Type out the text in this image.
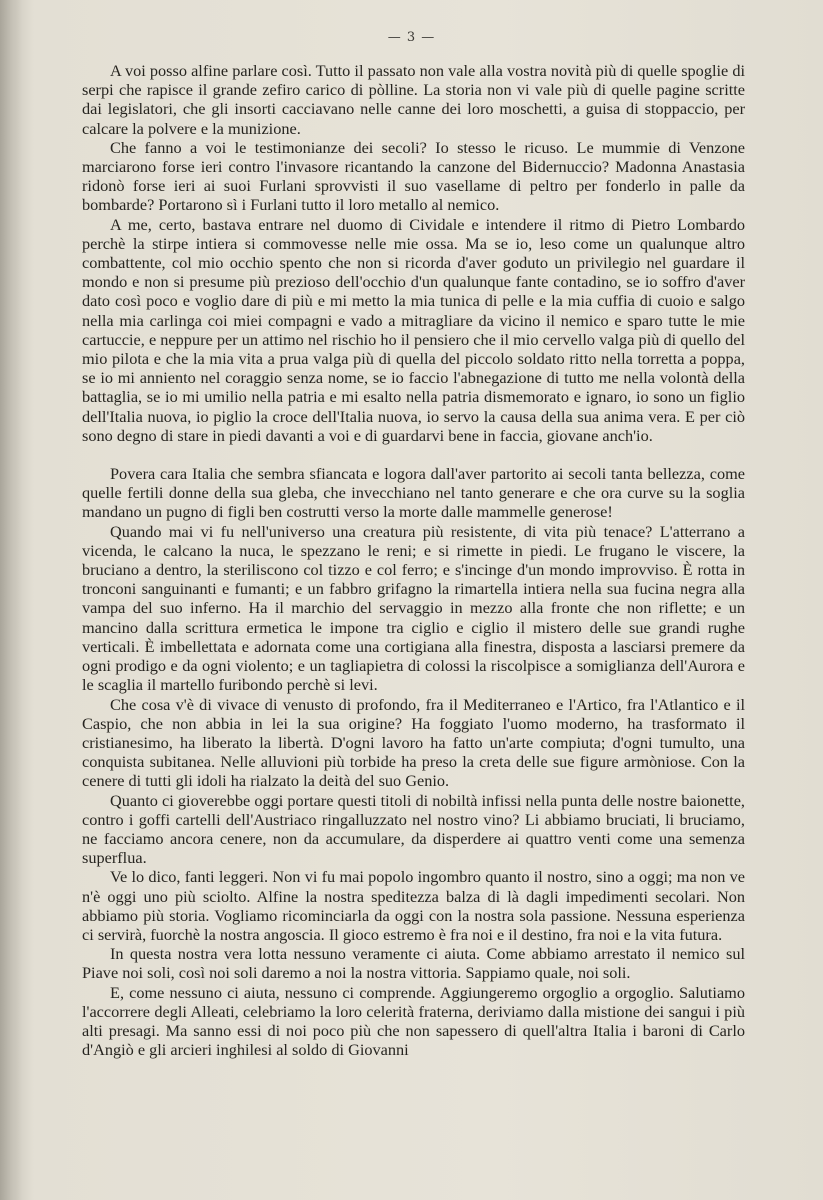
— 3 —

A voi posso alfine parlare così. Tutto il passato non vale alla vostra novità più di quelle spoglie di serpi che rapisce il grande zefiro carico di pòlline. La storia non vi vale più di quelle pagine scritte dai legislatori, che gli insorti cacciavano nelle canne dei loro moschetti, a guisa di stoppaccio, per calcare la polvere e la munizione.

Che fanno a voi le testimonianze dei secoli? Io stesso le ricuso. Le mummie di Venzone marciarono forse ieri contro l'invasore ricantando la canzone del Bidernuccio? Madonna Anastasia ridonò forse ieri ai suoi Furlani sprovvisti il suo vasellame di peltro per fonderlo in palle da bombarde? Portarono sì i Furlani tutto il loro metallo al nemico.

A me, certo, bastava entrare nel duomo di Cividale e intendere il ritmo di Pietro Lombardo perchè la stirpe intiera si commovesse nelle mie ossa. Ma se io, leso come un qualunque altro combattente, col mio occhio spento che non si ricorda d'aver goduto un privilegio nel guardare il mondo e non si presume più prezioso dell'occhio d'un qualunque fante contadino, se io soffro d'aver dato così poco e voglio dare di più e mi metto la mia tunica di pelle e la mia cuffia di cuoio e salgo nella mia carlinga coi miei compagni e vado a mitragliare da vicino il nemico e sparo tutte le mie cartuccie, e neppure per un attimo nel rischio ho il pensiero che il mio cervello valga più di quello del mio pilota e che la mia vita a prua valga più di quella del piccolo soldato ritto nella torretta a poppa, se io mi anniento nel coraggio senza nome, se io faccio l'abnegazione di tutto me nella volontà della battaglia, se io mi umilio nella patria e mi esalto nella patria dismemorato e ignaro, io sono un figlio dell'Italia nuova, io piglio la croce dell'Italia nuova, io servo la causa della sua anima vera. E per ciò sono degno di stare in piedi davanti a voi e di guardarvi bene in faccia, giovane anch'io.

Povera cara Italia che sembra sfiancata e logora dall'aver partorito ai secoli tanta bellezza, come quelle fertili donne della sua gleba, che invecchiano nel tanto generare e che ora curve su la soglia mandano un pugno di figli ben costrutti verso la morte dalle mammelle generose!

Quando mai vi fu nell'universo una creatura più resistente, di vita più tenace? L'atterrano a vicenda, le calcano la nuca, le spezzano le reni; e si rimette in piedi. Le frugano le viscere, la bruciano a dentro, la steriliscono col tizzo e col ferro; e s'incinge d'un mondo improvviso. È rotta in tronconi sanguinanti e fumanti; e un fabbro grifagno la rimartella intiera nella sua fucina negra alla vampa del suo inferno. Ha il marchio del servaggio in mezzo alla fronte che non riflette; e un mancino dalla scrittura ermetica le impone tra ciglio e ciglio il mistero delle sue grandi rughe verticali. È imbellettata e adornata come una cortigiana alla finestra, disposta a lasciarsi premere da ogni prodigo e da ogni violento; e un tagliapietra di colossi la riscolpisce a somiglianza dell'Aurora e le scaglia il martello furibondo perchè si levi.

Che cosa v'è di vivace di venusto di profondo, fra il Mediterraneo e l'Artico, fra l'Atlantico e il Caspio, che non abbia in lei la sua origine? Ha foggiato l'uomo moderno, ha trasformato il cristianesimo, ha liberato la libertà. D'ogni lavoro ha fatto un'arte compiuta; d'ogni tumulto, una conquista subitanea. Nelle alluvioni più torbide ha preso la creta delle sue figure armòniose. Con la cenere di tutti gli idoli ha rialzato la deità del suo Genio.

Quanto ci gioverebbe oggi portare questi titoli di nobiltà infissi nella punta delle nostre baionette, contro i goffi cartelli dell'Austriaco ringalluzzato nel nostro vino? Li abbiamo bruciati, li bruciamo, ne facciamo ancora cenere, non da accumulare, da disperdere ai quattro venti come una semenza superflua.

Ve lo dico, fanti leggeri. Non vi fu mai popolo ingombro quanto il nostro, sino a oggi; ma non ve n'è oggi uno più sciolto. Alfine la nostra speditezza balza di là dagli impedimenti secolari. Non abbiamo più storia. Vogliamo ricominciarla da oggi con la nostra sola passione. Nessuna esperienza ci servirà, fuorchè la nostra angoscia. Il gioco estremo è fra noi e il destino, fra noi e la vita futura.

In questa nostra vera lotta nessuno veramente ci aiuta. Come abbiamo arrestato il nemico sul Piave noi soli, così noi soli daremo a noi la nostra vittoria. Sappiamo quale, noi soli.

E, come nessuno ci aiuta, nessuno ci comprende. Aggiungeremo orgoglio a orgoglio. Salutiamo l'accorrere degli Alleati, celebriamo la loro celerità fraterna, deriviamo dalla mistione dei sangui i più alti presagi. Ma sanno essi di noi poco più che non sapessero di quell'altra Italia i baroni di Carlo d'Angiò e gli arcieri inghilesi al soldo di Giovanni
